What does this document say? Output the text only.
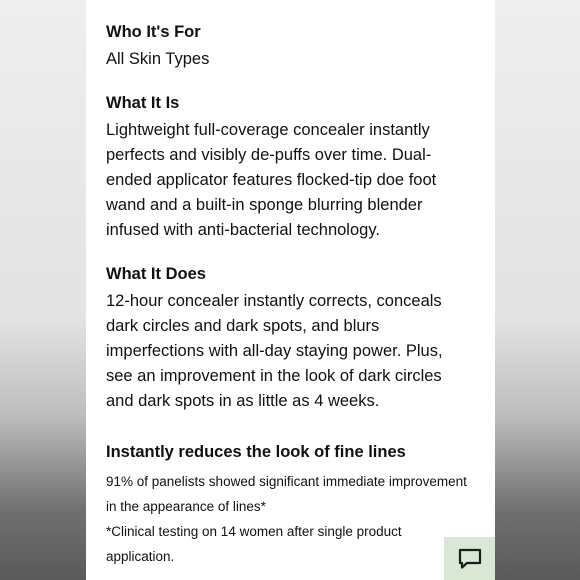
Who It's For
All Skin Types
What It Is
Lightweight full-coverage concealer instantly
perfects and visibly de-puffs over time. Dual-
ended applicator features flocked-tip doe foot
wand and a built-in sponge blurring blender
infused with anti-bacterial technology.
What It Does
12-hour concealer instantly corrects, conceals
dark circles and dark spots, and blurs
imperfections with all-day staying power. Plus,
see an improvement in the look of dark circles
and dark spots in as little as 4 weeks.
Instantly reduces the look of fine lines
91% of panelists showed significant immediate improvement
in the appearance of lines*
*Clinical testing on 14 women after single product
application.
